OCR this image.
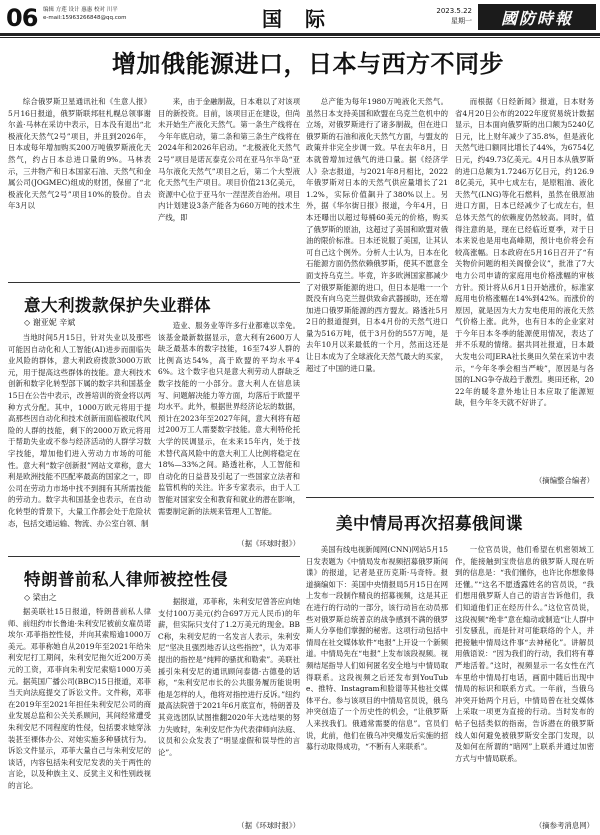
06 编辑 方莲 设计 惠惠 校对 川平
e-mail:15963266848@qq.com	国 际	2023.5.22
星期一	國防時報
增加俄能源进口，日本与西方不同步

综合俄罗斯卫星通讯社和《生意人报》5月16日报道，俄罗斯联邦驻札幌总领事谢尔盖·马林在采访中表示，日本没有退出“北极液化天然气2号”项目，并且到2026年，日本或每年增加购买200万吨俄罗斯液化天然气，约占日本总进口量的9%。马林表示，三井物产和日本国家石油、天然气和金属公司(JOGMEC)组成的财团，保留了“北极液化天然气2号”项目10%的股份。自去年3月以

来，由于金融制裁，日本难以了对该项目的新投资。目前，该项目正在建设，但尚未开始生产液化天然气。第一条生产线将在今年年底启动，第二条和第三条生产线将在2024年和2026年启动。“北极液化天然气2号”项目是诺瓦泰克公司在亚马尔半岛“亚马尔液化天然气”项目之后，第二个大型液化天然气生产项目。项目价值213亿美元，资源中心位于亚马尔一涅涅茨自治州。项目内计划建设3条产能各为660万吨的技术生产线，即

总产能为每年1980万吨液化天然气。虽然日本支持美国和欧盟在乌克兰危机中的立场，对俄罗斯进行了诸多制裁，但在进口俄罗斯的石油和液化天然气方面，与盟友的政策并非完全步调一致。早在去年8月，日本就曾增加过俄气的进口量。据《经济学人》杂志报道，与2021年8月相比，2022年俄罗斯对日本的天然气供应量增长了211.2%，实际价值飙升了380%以上。另外，据《华尔街日报》报道，今年4月，日本还曝出以超过每桶60美元的价格，购买了俄罗斯的原油，这超过了美国和欧盟对俄油的限价标准。日本还说服了美国，让其认可自己这个例外。分析人士认为，日本在化石能源方面仍然依赖俄罗斯，使其不愿意全面支持乌克兰。毕竟，许多欧洲国家都减少了对俄罗斯能源的进口，但日本是唯一一个既没有向乌克兰提供致命武器援助，还在增加进口俄罗斯能源的西方盟友。路透社5月2日的报道提到，日本4月份的天然气进口量为516万吨，低于3月份的557万吨，是去年10月以来最低的一个月，然而这还是让日本成为了全球液化天然气最大的买家，超过了中国的进口量。

而根据《日经新闻》报道，日本财务省4月20日公布的2022年度贸易统计数据显示，日本面向俄罗斯的出口额为5240亿日元，比上财年减少了35.8%，但是液化天然气进口额同比增长了44%，为6754亿日元，约49.73亿美元。4月日本从俄罗斯的进口总额为1.7246万亿日元，约126.98亿美元，其中七成左右，是原粗油、液化天然气(LNG)等化石燃料，虽然在俄原油进口方面，日本已经减少了七成左右，但总体天然气的依赖度仍然较高。同时，值得注意的是，现在已经临近夏季，对于日本来说也是用电高峰期，预计电价将会有较高涨幅。日本政府在5月16日召开了“有关物价问题的相关阁僚会议”，批准了7大电力公司申请的家庭用电价格涨幅的审核方针。预计将从6月1日开始涨价，标准家庭用电价格涨幅在14%到42%。而涨价的原因，就是因为大力发电使用的液化天然气价格上涨。此外，也有日本的企业家对于今年日本冬季的能源使用情况，表达了并不乐观的情绪。据共同社报道，日本最大发电公司JERA社长奥田久荣在采访中表示，“今年冬季会相当严峻”，原因是与各国的LNG争夺战趋于激烈。奥田还称，2022年的暖冬意外地让日本应取了能源短缺，但今年冬天就不好讲了。

（摘编整合编者）
意大利拨款保护失业群体
◇ 谢亚妮 辛斌

当地时间5月15日，针对失业以及那些可能因自动化和人工智能(AI)进步而面临失业风险的群体，意大利政府拨款3000万欧元，用于提高这些群体的技能。意大利技术创新和数字化转型部下属的数字共和国基金15日在公告中表示，改善培训的资金将以两种方式分配。其中，1000万欧元将用于提高那些因自动化和技术创新而面临被取代风险的人群的技能，剩下的2000万欧元将用于帮助失业或不参与经济活动的人群学习数字技能，增加他们进入劳动力市场的可能性。意大利“数字创新报”网站文章称，意大利是欧洲技能不匹配率最高的国家之一，即公司在劳动力市场中找不到拥有其所需技能的劳动力。数字共和国基金也表示，在自动化转型的背景下，大量工作都会处于危险状态，包括交通运输、物流、办公室白领、制

造业、服务业等许多行业都难以幸免。该基金最新数据显示，意大利有2600万人缺乏最基本的数字技能，16至74岁人群的比例高达54%，高于欧盟的平均水平46%。这个数字也只是意大利劳动人群缺乏数字技能的一小部分。意大利人在信息读写、问题解决能力等方面，均落后于欧盟平均水平。此外，根据世界经济论坛的数据，预计在2023年至2027年间，意大利将有超过200万工人需要数字技能。意大利特伦托大学的民调显示，在未来15年内，处于技术替代高风险中的意大利工人比例将稳定在18%—33%之间。路透社称，人工智能和自动化的日益普及引起了一些国家立法者和监管机构的关注。许多专家表示，由于人工智能对国家安全和教育和就业的潜在影响，需要制定新的法规来管理人工智能。

（据《环球时报》）
美中情局再次招募俄间谍

美国有线电视新闻网(CNN)网站5月15日发表题为《中情局发布视频招募俄罗斯间谍》的报道，记者是亚历克斯·马奇特。报道摘编如下：美国中央情报局5月15日在网上发布一段制作精良的招募视频，这是其正在进行的行动的一部分，该行动旨在动员那些对俄罗斯总统普京的战争感到不满的俄罗斯人分享他们掌握的秘密。这项行动包括中情局在社交媒体软件“电报”上开设一个新频道。中情局先在“电报”上发布该段视频。视频结尾指导人们如何匿名安全地与中情局取得联系。这段视频之后还发布到YouTube、推特、Instagram和脸谱等其他社交媒体平台。参与该项目的中情局官员说，俄乌冲突创造了一个历史性的机会，“让俄罗斯人来找我们。俄通常需要的信息”。官员们说，此前，他们在俄乌冲突爆发后实施的招募行动取得成功，“不断有人来联系”。

一位官员说，他们希望在机密领域工作，能接触到宝贵信息的俄罗斯人现在听到的信息是：“我们懂你，也许比你想象得还懂。”“这名不愿透露姓名的官员说，“我们想用俄罗斯人自己的语言告诉他们，我们知道他们正在经历什么。”这位官员说，这段视频“绝非”意在煽动或制造“让人群中引发骚乱，而是针对可能联络的个人，并把接触中情局这件事“去神秘化”。讲解员用俄语说：“因为我们的行动，我们将有尊严地活着。”这时，视频显示一名女性在汽车里给中情局打电话，画面中随后出现中情局的标识和联系方式。一年前，当俄乌冲突开始两个月后，中情局曾在社交媒体上采取一项更为直接的行动。当时发布的帖子包括类似的指南，告诉潜在的俄罗斯线人如何避免被俄罗斯安全部门发现，以及如何在所谓的“暗网”上联系并通过加密方式与中情局联系。

（摘参考消息网）
特朗普前私人律师被控性侵
◇ 梁由之

据美联社15日报道，特朗普前私人律师、前纽约市长鲁迪·朱利安尼被前女雇员诺埃尔·邓菲指控性侵，并向其索赔逾1000万美元。邓菲称她自从2019年至2021年给朱利安尼打工期间，朱利安尼拖欠近200万美元的工资，邓菲向朱利安尼索赔1000万美元。据英国广播公司(BBC)15日报道，邓菲当天向法庭提交了诉讼文件。文件称，邓菲在2019年至2021年担任朱利安尼公司的商业发展总监和公关关系顾问，其间经常遭受朱利安尼不同程度的性侵，包括要求她穿泳装甚至裸体办公、对她实施多种骚扰行为。诉讼文件显示，邓菲大量自己与朱利安尼的谈话，内容包括朱利安尼发表的关于两性的言论，以及种族主义、反犹主义和性别歧视的言论。

据报道，邓菲称，朱利安尼曾答应向她支付100万美元(约合697万元人民币)的年薪，但实际只支付了1.2万美元的现金。BBC称，朱利安尼的一名发言人表示，朱利安尼“坚决且强烈地否认这些指控”，认为邓菲提出的指控是“纯粹的骚扰和勒索”。美联社援引朱利安尼的通讯顾问泰德·古德曼的话称，“朱利安尼市长的公共服务履历能说明他是怎样的人，他将对指控进行反诉。”纽约最高法院曾于2021年6月底宣布，特朗普及其竞选团队试图推翻2020年大选结果的努力失败时，朱利安尼作为代表律师向法庭、议员和公众发表了“明显虚假和误导性的言论”。

（据《环球时报》）
